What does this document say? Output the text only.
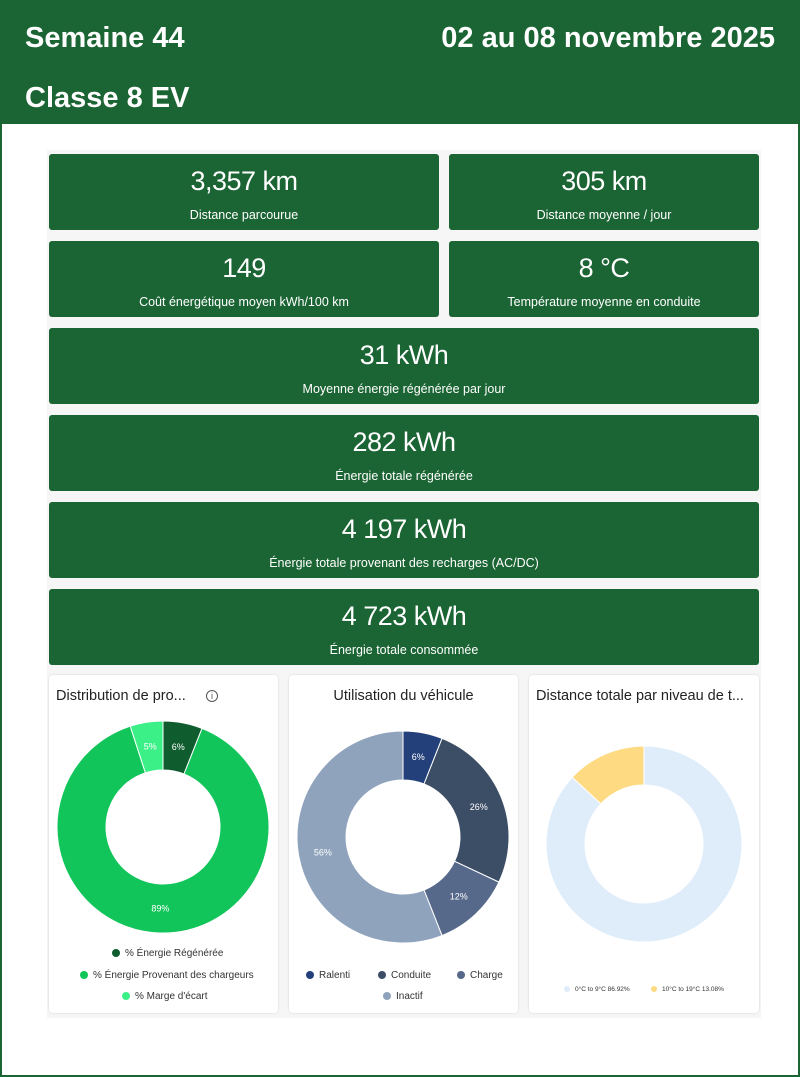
Semaine 44	02 au 08 novembre 2025
Classe 8 EV
3,357 km
Distance parcourue
305 km
Distance moyenne / jour
149
Coût énergétique moyen kWh/100 km
8 °C
Température moyenne en conduite
31 kWh
Moyenne énergie régénérée par jour
282 kWh
Énergie totale régénérée
4 197 kWh
Énergie totale provenant des recharges (AC/DC)
4 723 kWh
Énergie totale consommée
Distribution de pro...	i
6%
89%
5%
% Énergie Régénérée
% Énergie Provenant des chargeurs
% Marge d'écart
Utilisation du véhicule
6%
26%
12%
56%
Ralenti	Conduite	Charge
Inactif
Distance totale par niveau de t...
0°C to 9°C 86.92%	10°C to 19°C 13.08%
